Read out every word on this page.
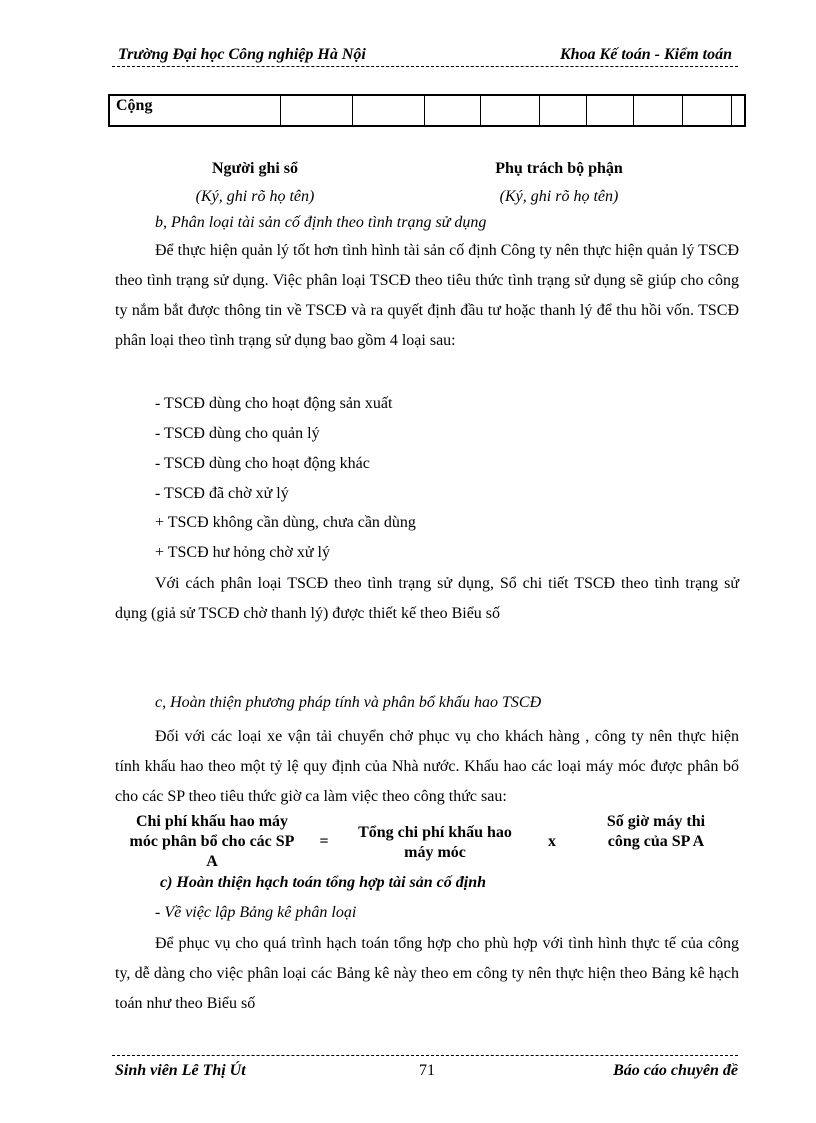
Trường Đại học Công nghiệp Hà Nội	Khoa Kế toán - Kiểm toán
Cộng									
Người ghi sổ
(Ký, ghi rõ họ tên)
Phụ trách bộ phận
(Ký, ghi rõ họ tên)
b, Phân loại tài sản cố định theo tình trạng sử dụng
Để thực hiện quản lý tốt hơn tình hình tài sản cố định Công ty nên thực hiện quản lý TSCĐ theo tình trạng sử dụng. Việc phân loại TSCĐ theo tiêu thức tình trạng sử dụng sẽ giúp cho công ty nắm bắt được thông tin về TSCĐ và ra quyết định đầu tư hoặc thanh lý để thu hồi vốn. TSCĐ phân loại theo tình trạng sử dụng bao gồm 4 loại sau:
- TSCĐ dùng cho hoạt động sản xuất
- TSCĐ dùng cho quản lý
- TSCĐ dùng cho hoạt động khác
- TSCĐ đã chờ xử lý
+ TSCĐ không cần dùng, chưa cần dùng
+ TSCĐ hư hỏng chờ xử lý
Với cách phân loại TSCĐ theo tình trạng sử dụng, Sổ chi tiết TSCĐ theo tình trạng sử dụng (giả sử TSCĐ chờ thanh lý) được thiết kế theo Biểu số
c, Hoàn thiện phương pháp tính và phân bổ khấu hao TSCĐ
Đối với các loại xe vận tải chuyển chở phục vụ cho khách hàng , công ty nên thực hiện tính khấu hao theo một tỷ lệ quy định của Nhà nước. Khấu hao các loại máy móc được phân bổ cho các SP theo tiêu thức giờ ca làm việc theo công thức sau:
Chi phí khấu hao máy
móc phân bổ cho các SP
A
=
Tổng chi phí khấu hao
máy móc
x
Số giờ máy thi
công của SP A
c) Hoàn thiện hạch toán tổng hợp tài sản cố định
- Về việc lập Bảng kê phân loại
Để phục vụ cho quá trình hạch toán tổng hợp cho phù hợp với tình hình thực tế của công ty, dễ dàng cho việc phân loại các Bảng kê này theo em công ty nên thực hiện theo Bảng kê hạch toán như theo Biểu số
Sinh viên Lê Thị Út	71	Báo cáo chuyên đề
